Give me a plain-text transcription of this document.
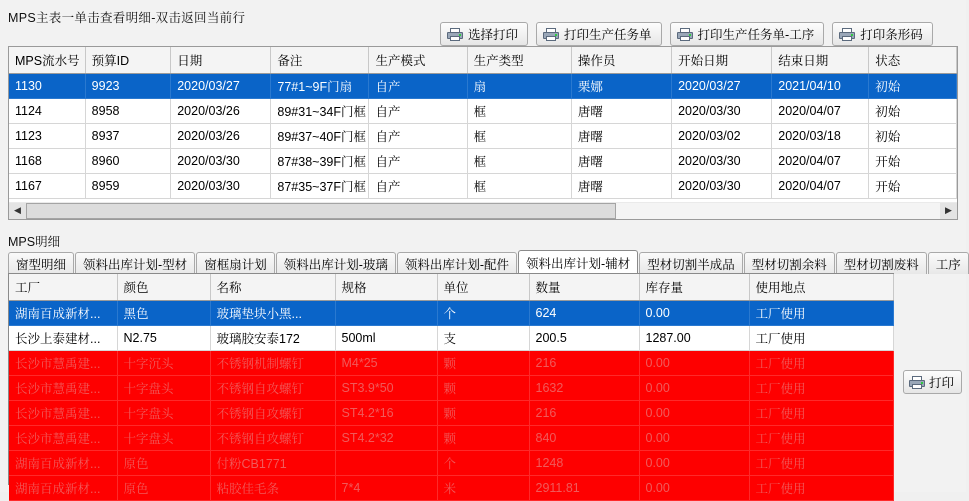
MPS主表一单击查看明细-双击返回当前行
选择打印	打印生产任务单	打印生产任务单-工序	打印条形码
MPS流水号	预算ID	日期	备注	生产模式	生产类型	操作员	开始日期	结束日期	状态
1130	9923	2020/03/27	77#1~9F门扇	自产	扇	栗娜	2020/03/27	2021/04/10	初始
1124	8958	2020/03/26	89#31~34F门框	自产	框	唐曙	2020/03/30	2020/04/07	初始
1123	8937	2020/03/26	89#37~40F门框	自产	框	唐曙	2020/03/02	2020/03/18	初始
1168	8960	2020/03/30	87#38~39F门框	自产	框	唐曙	2020/03/30	2020/04/07	开始
1167	8959	2020/03/30	87#35~37F门框	自产	框	唐曙	2020/03/30	2020/04/07	开始
◀	▶
MPS明细
窗型明细	领料出库计划-型材	窗框扇计划	领料出库计划-玻璃	领料出库计划-配件	领料出库计划-辅材	型材切割半成品	型材切割余料	型材切割废料	工序
工厂	颜色	名称	规格	单位	数量	库存量	使用地点
湖南百成新材...	黑色	玻璃垫块小黑...		个	624	0.00	工厂使用
长沙上泰建材...	N2.75	玻璃胶安泰172	500ml	支	200.5	1287.00	工厂使用
长沙市慧禹建...	十字沉头	不锈钢机制螺钉	M4*25	颗	216	0.00	工厂使用
长沙市慧禹建...	十字盘头	不锈钢自攻螺钉	ST3.9*50	颗	1632	0.00	工厂使用
长沙市慧禹建...	十字盘头	不锈钢自攻螺钉	ST4.2*16	颗	216	0.00	工厂使用
长沙市慧禹建...	十字盘头	不锈钢自攻螺钉	ST4.2*32	颗	840	0.00	工厂使用
湖南百成新材...	原色	付粉CB1771		个	1248	0.00	工厂使用
湖南百成新材...	原色	粘胶佳毛条	7*4	米	2911.81	0.00	工厂使用
打印
